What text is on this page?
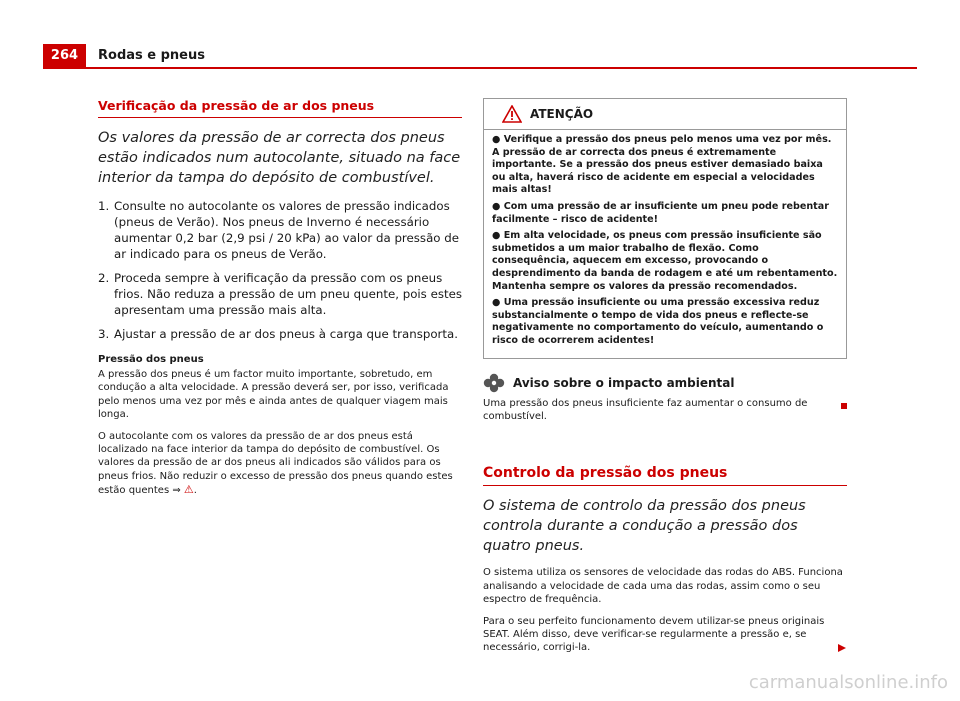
264	Rodas e pneus
Verificação da pressão de ar dos pneus

Os valores da pressão de ar correcta dos pneus estão indicados num autocolante, situado na face interior da tampa do depósito de combustível.

1. Consulte no autocolante os valores de pressão indicados (pneus de Verão). Nos pneus de Inverno é necessário aumentar 0,2 bar (2,9 psi / 20 kPa) ao valor da pressão de ar indicado para os pneus de Verão.
2. Proceda sempre à verificação da pressão com os pneus frios. Não reduza a pressão de um pneu quente, pois estes apresentam uma pressão mais alta.
3. Ajustar a pressão de ar dos pneus à carga que transporta.
Pressão dos pneus

A pressão dos pneus é um factor muito importante, sobretudo, em condução a alta velocidade. A pressão deverá ser, por isso, verificada pelo menos uma vez por mês e ainda antes de qualquer viagem mais longa.

O autocolante com os valores da pressão de ar dos pneus está localizado na face interior da tampa do depósito de combustível. Os valores da pressão de ar dos pneus ali indicados são válidos para os pneus frios. Não reduzir o excesso de pressão dos pneus quando estes estão quentes ⇒ ⚠.

ATENÇÃO

● Verifique a pressão dos pneus pelo menos uma vez por mês. A pressão de ar correcta dos pneus é extremamente importante. Se a pressão dos pneus estiver demasiado baixa ou alta, haverá risco de acidente em especial a velocidades mais altas!

● Com uma pressão de ar insuficiente um pneu pode rebentar facilmente – risco de acidente!

● Em alta velocidade, os pneus com pressão insuficiente são submetidos a um maior trabalho de flexão. Como consequência, aquecem em excesso, provocando o desprendimento da banda de rodagem e até um rebentamento. Mantenha sempre os valores da pressão recomendados.

● Uma pressão insuficiente ou uma pressão excessiva reduz substancialmente o tempo de vida dos pneus e reflecte-se negativamente no comportamento do veículo, aumentando o risco de ocorrerem acidentes!

Aviso sobre o impacto ambiental

Uma pressão dos pneus insuficiente faz aumentar o consumo de combustível.

Controlo da pressão dos pneus

O sistema de controlo da pressão dos pneus controla durante a condução a pressão dos quatro pneus.

O sistema utiliza os sensores de velocidade das rodas do ABS. Funciona analisando a velocidade de cada uma das rodas, assim como o seu espectro de frequência.

Para o seu perfeito funcionamento devem utilizar-se pneus originais SEAT. Além disso, deve verificar-se regularmente a pressão e, se necessário, corrigi-la.

carmanualsonline.info
